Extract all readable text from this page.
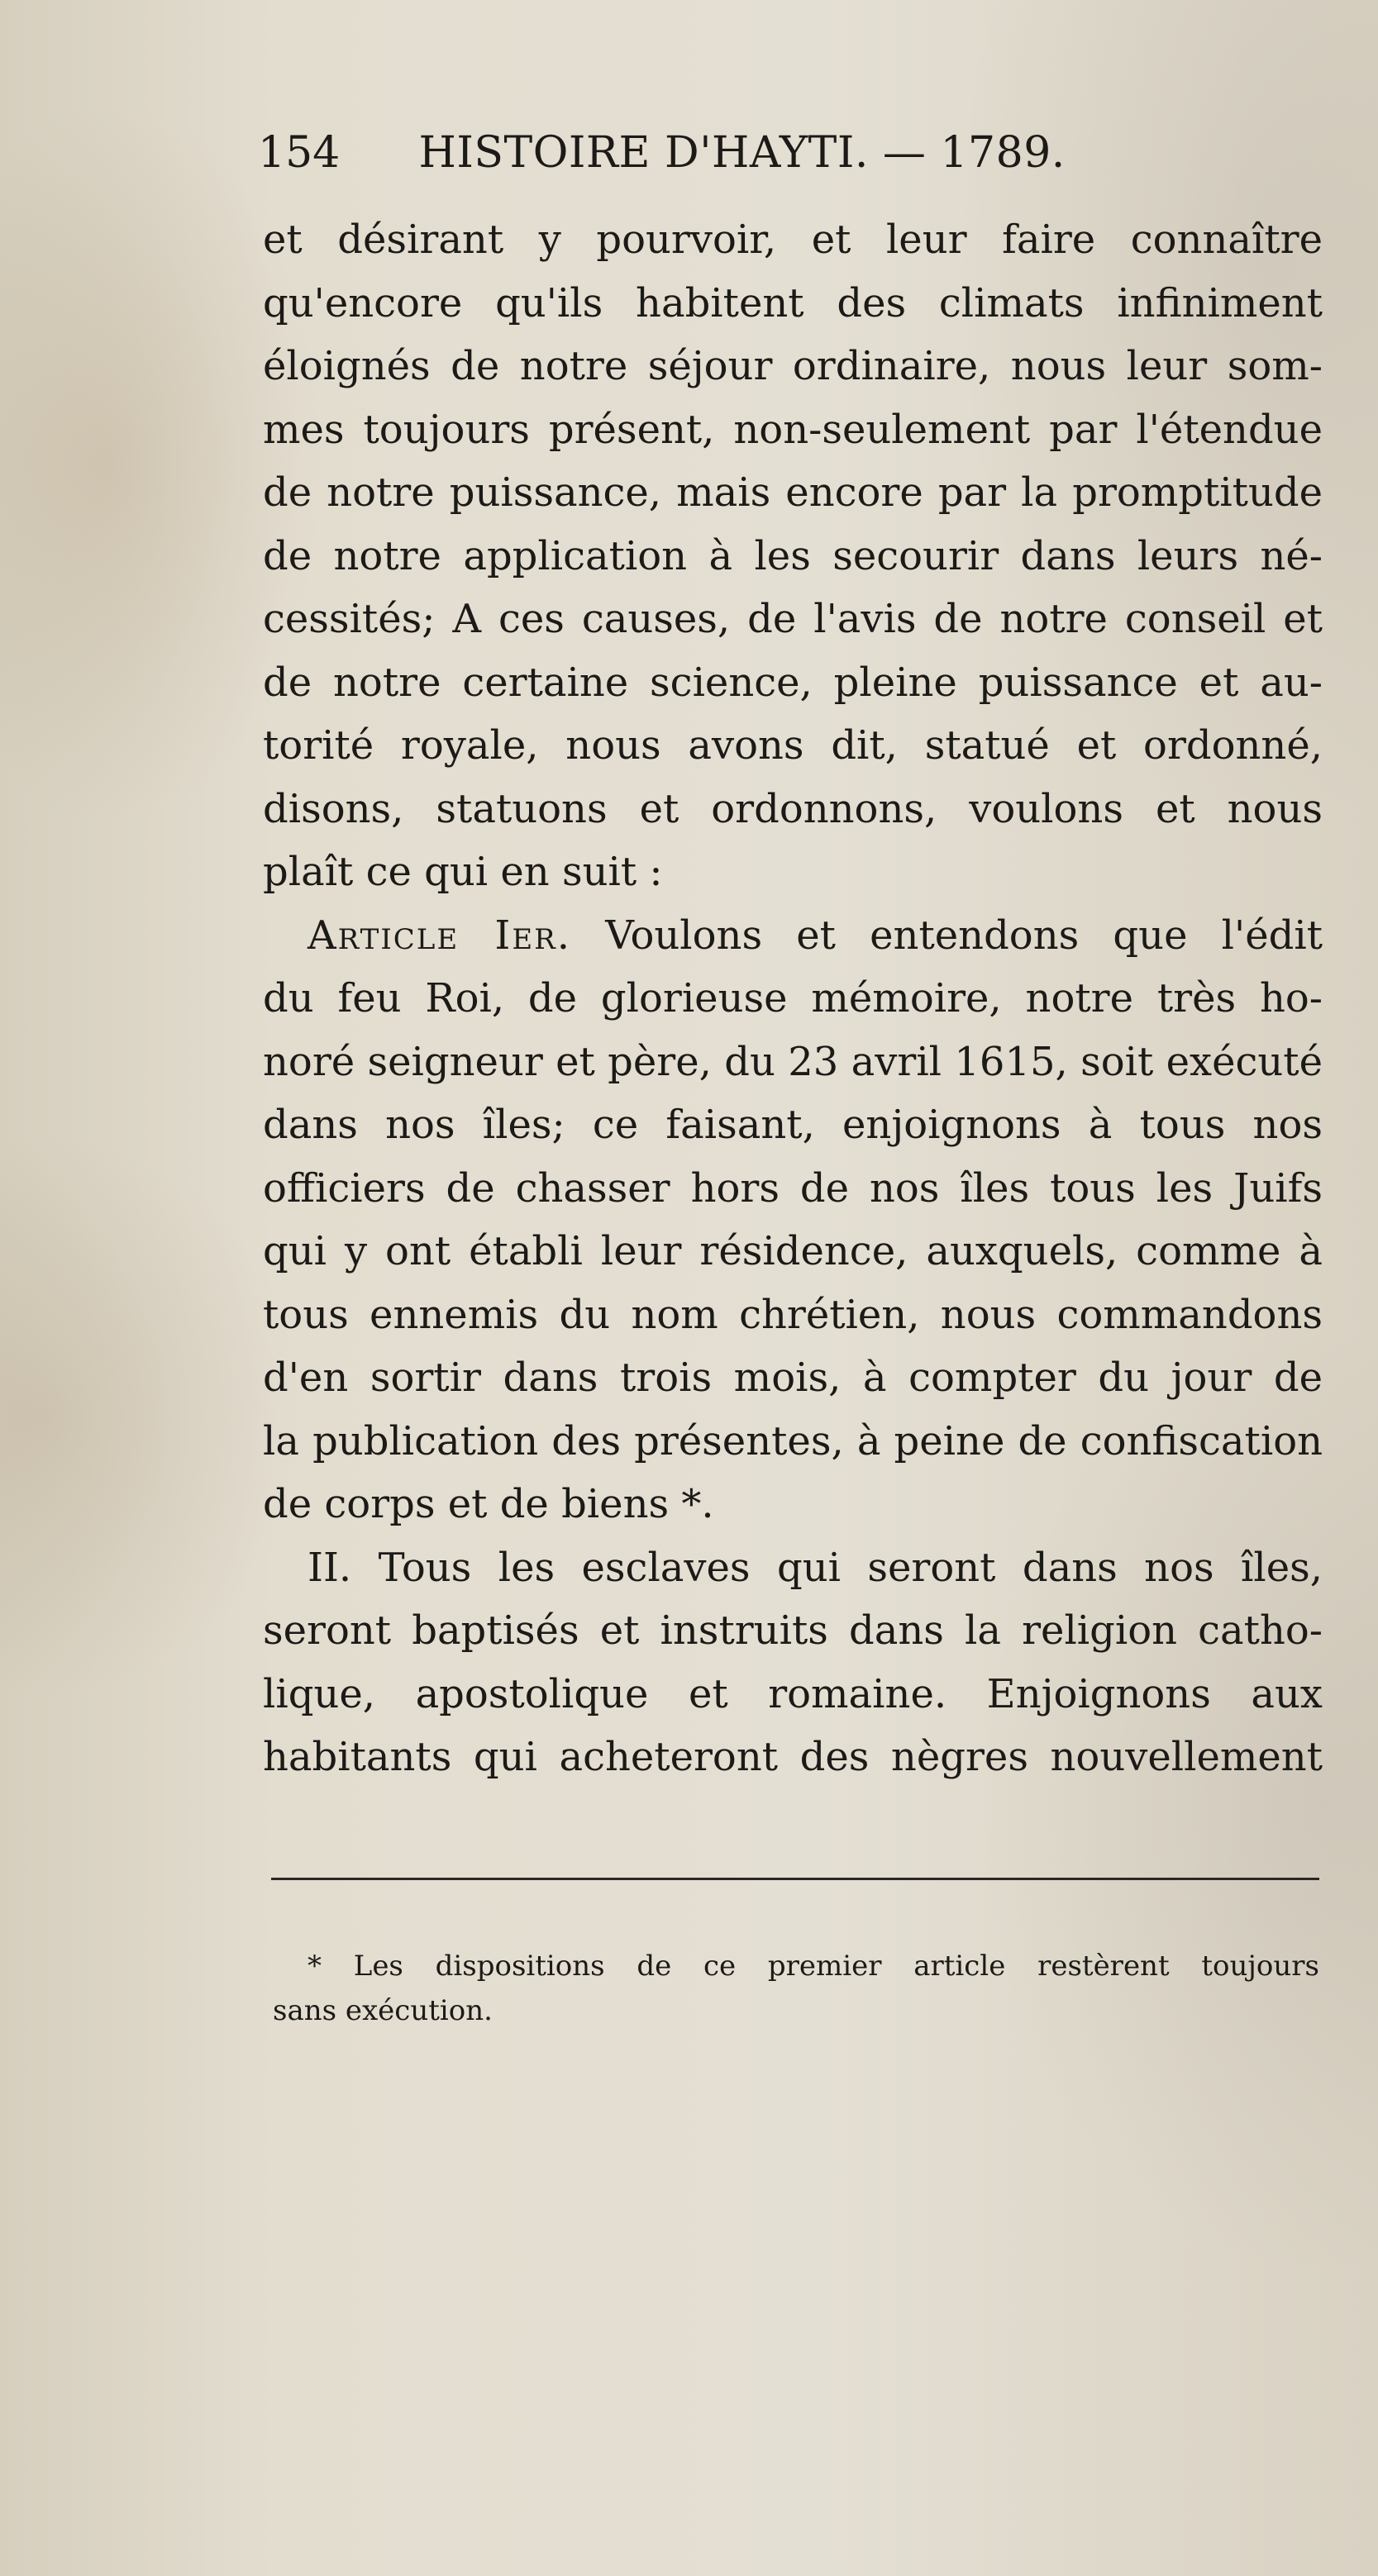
154 HISTOIRE D'HAYTI. — 1789.
et désirant y pourvoir, et leur faire connaître
qu'encore qu'ils habitent des climats infiniment
éloignés de notre séjour ordinaire, nous leur som-
mes toujours présent, non-seulement par l'étendue
de notre puissance, mais encore par la promptitude
de notre application à les secourir dans leurs né-
cessités; A ces causes, de l'avis de notre conseil et
de notre certaine science, pleine puissance et au-
torité royale, nous avons dit, statué et ordonné,
disons, statuons et ordonnons, voulons et nous
plaît ce qui en suit :
Article Ier. Voulons et entendons que l'édit
du feu Roi, de glorieuse mémoire, notre très ho-
noré seigneur et père, du 23 avril 1615, soit exécuté
dans nos îles; ce faisant, enjoignons à tous nos
officiers de chasser hors de nos îles tous les Juifs
qui y ont établi leur résidence, auxquels, comme à
tous ennemis du nom chrétien, nous commandons
d'en sortir dans trois mois, à compter du jour de
la publication des présentes, à peine de confiscation
de corps et de biens *.
II. Tous les esclaves qui seront dans nos îles,
seront baptisés et instruits dans la religion catho-
lique, apostolique et romaine. Enjoignons aux
habitants qui acheteront des nègres nouvellement
* Les dispositions de ce premier article restèrent toujours
sans exécution.
